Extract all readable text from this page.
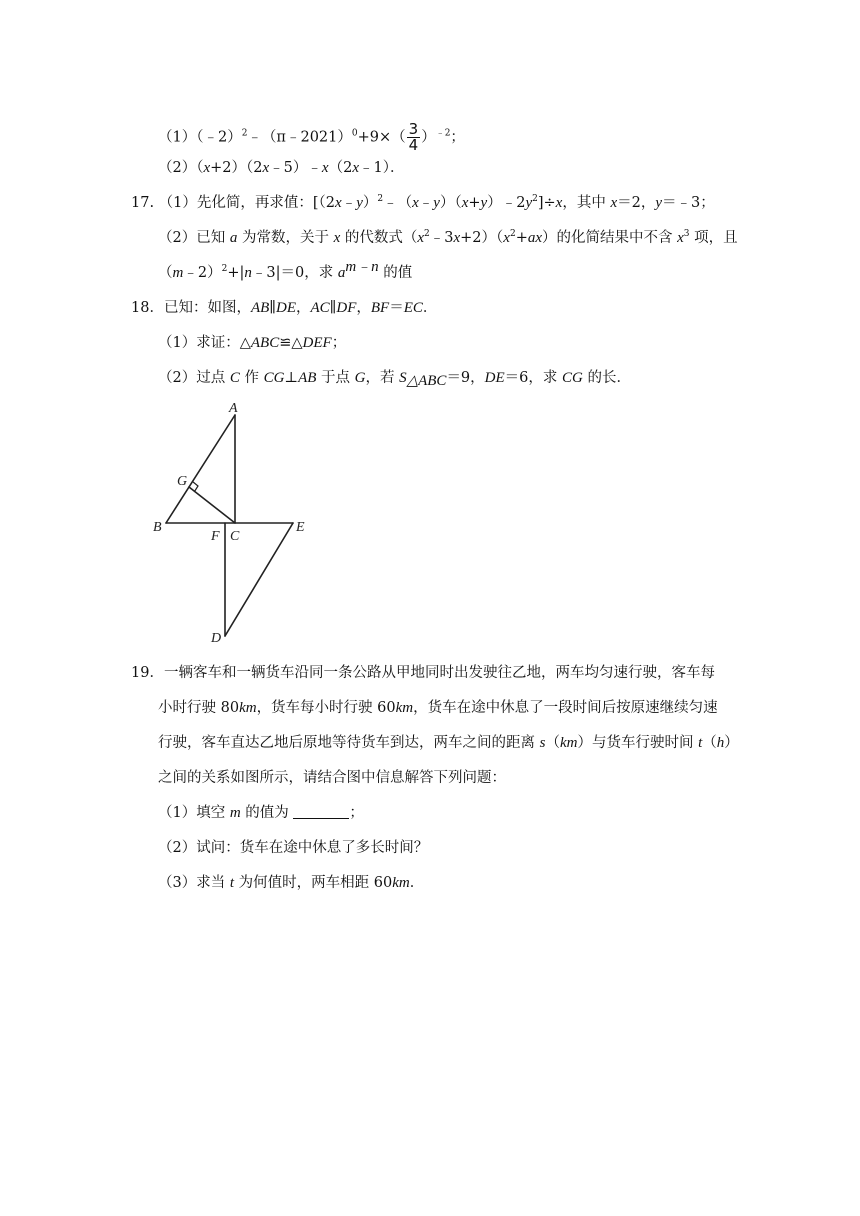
（1）（﹣2）$^2$﹣（π﹣2021）$^0$+9×（ $\frac{3}{4} )^{﹣2}$；
（2）（x+2）（2x﹣5）﹣x（2x﹣1）．
17. （1）先化简，再求值：$[(2x﹣y)^2﹣(x﹣y)(x+y)﹣2y^2]\div x$，其中 x＝2，y＝﹣3；
（2）已知 a 为常数，关于 x 的代数式$(x^2﹣3x+2)(x^2+ax)$的化简结果中不含 $x^3$ 项，且
（m﹣2）$^2$+|n﹣3|＝0，求 $a^{m﹣n}$ 的值
18．已知：如图，AB∥DE，AC∥DF，BF＝EC．
（1）求证：△ABC≌△DEF；
（2）过点 C 作 CG⊥AB 于点 G，若 $S_{\triangle ABC}=9$，DE＝6，求 CG 的长．
A
G
B
F C
E
D
19．一辆客车和一辆货车沿同一条公路从甲地同时出发驶往乙地，两车均匀速行驶，客车每
小时行驶 80km，货车每小时行驶 60km，货车在途中休息了一段时间后按原速继续匀速
行驶，客车直达乙地后原地等待货车到达，两车之间的距离 s（km）与货车行驶时间 t（h）
之间的关系如图所示，请结合图中信息解答下列问题：
（1）填空 m 的值为	；
（2）试问：货车在途中休息了多长时间？
（3）求当 t 为何值时，两车相距 60km．
